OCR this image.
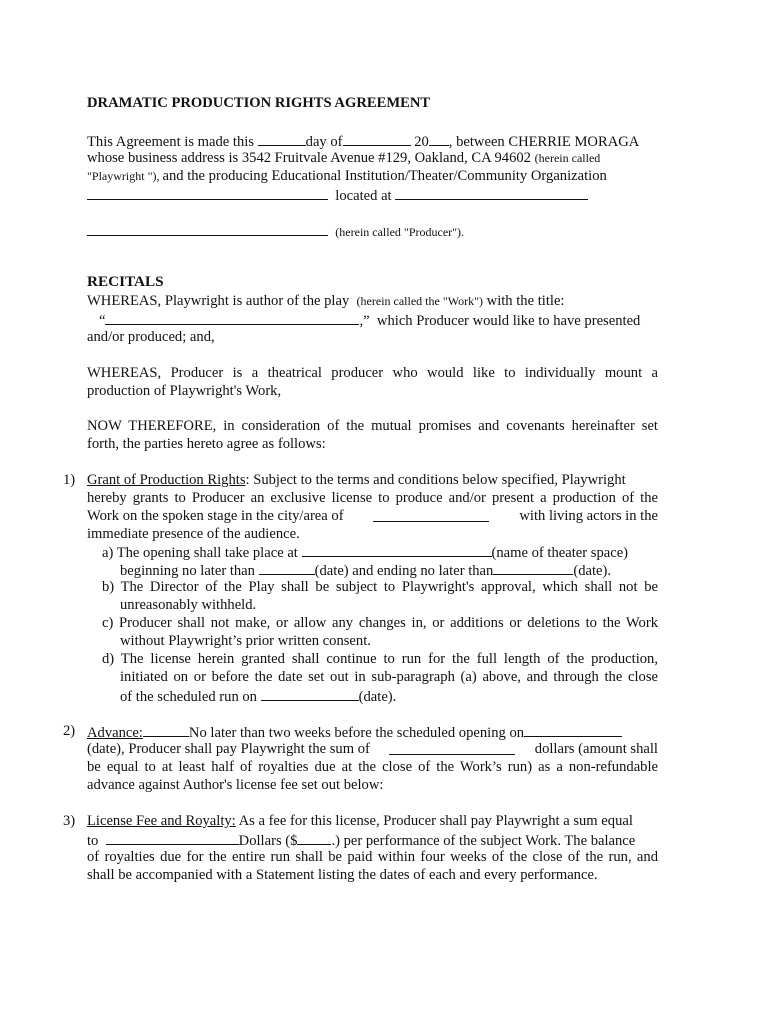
DRAMATIC PRODUCTION RIGHTS AGREEMENT
This Agreement is made this	day of	20 , between CHERRIE MORAGA
whose business address is 3542 Fruitvale Avenue #129, Oakland, CA 94602 (herein called
"Playwright "), and the producing Educational Institution/Theater/Community Organization
located at
(herein called "Producer").
RECITALS
WHEREAS, Playwright is author of the play (herein called the "Work") with the title:
“	,” which Producer would like to have presented
and/or produced; and,
WHEREAS, Producer is a theatrical producer who would like to individually mount a
production of Playwright's Work,
NOW THEREFORE, in consideration of the mutual promises and covenants hereinafter set
forth, the parties hereto agree as follows:
1) Grant of Production Rights: Subject to the terms and conditions below specified, Playwright
hereby grants to Producer an exclusive license to produce and/or present a production of the
Work on the spoken stage in the city/area of	with living actors in the
immediate presence of the audience.
a) The opening shall take place at	(name of theater space)
beginning no later than	(date) and ending no later than	(date).
b) The Director of the Play shall be subject to Playwright's approval, which shall not be
unreasonably withheld.
c) Producer shall not make, or allow any changes in, or additions or deletions to the Work
without Playwright’s prior written consent.
d) The license herein granted shall continue to run for the full length of the production,
initiated on or before the date set out in sub-paragraph (a) above, and through the close
of the scheduled run on	(date).
2) Advance:	No later than two weeks before the scheduled opening on
(date), Producer shall pay Playwright the sum of	dollars (amount shall
be equal to at least half of royalties due at the close of the Work’s run) as a non-refundable
advance against Author's license fee set out below:
3) License Fee and Royalty: As a fee for this license, Producer shall pay Playwright a sum equal
to	Dollars ($ .) per performance of the subject Work. The balance
of royalties due for the entire run shall be paid within four weeks of the close of the run, and
shall be accompanied with a Statement listing the dates of each and every performance.
